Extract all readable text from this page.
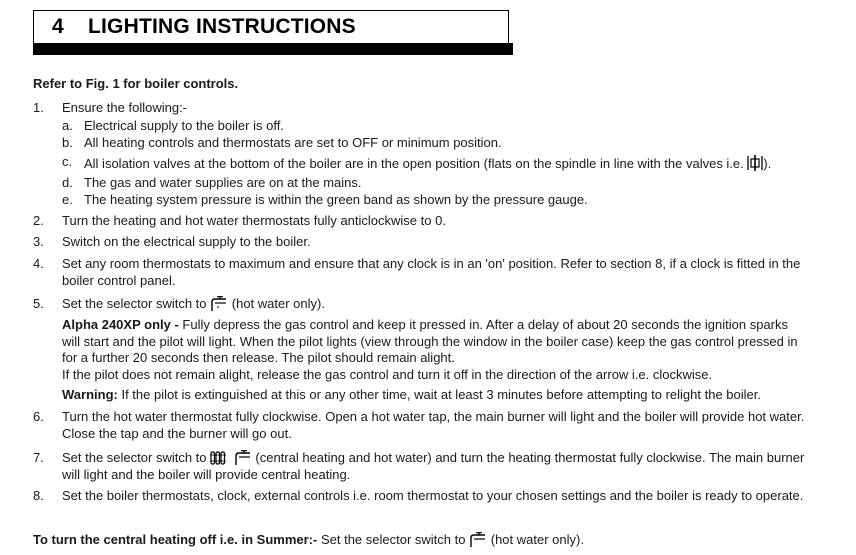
4 LIGHTING INSTRUCTIONS
Refer to Fig. 1 for boiler controls.
1. Ensure the following:-
a. Electrical supply to the boiler is off.
b. All heating controls and thermostats are set to OFF or minimum position.
c. All isolation valves at the bottom of the boiler are in the open position (flats on the spindle in line with the valves i.e. ).
d. The gas and water supplies are on at the mains.
e. The heating system pressure is within the green band as shown by the pressure gauge.
2. Turn the heating and hot water thermostats fully anticlockwise to 0.
3. Switch on the electrical supply to the boiler.
4. Set any room thermostats to maximum and ensure that any clock is in an 'on' position. Refer to section 8, if a clock is fitted in the boiler control panel.
5. Set the selector switch to (hot water only).
Alpha 240XP only - Fully depress the gas control and keep it pressed in. After a delay of about 20 seconds the ignition sparks will start and the pilot will light. When the pilot lights (view through the window in the boiler case) keep the gas control pressed in for a further 20 seconds then release. The pilot should remain alight.
If the pilot does not remain alight, release the gas control and turn it off in the direction of the arrow i.e. clockwise.
Warning: If the pilot is extinguished at this or any other time, wait at least 3 minutes before attempting to relight the boiler.
6. Turn the hot water thermostat fully clockwise. Open a hot water tap, the main burner will light and the boiler will provide hot water. Close the tap and the burner will go out.
7. Set the selector switch to	(central heating and hot water) and turn the heating thermostat fully clockwise. The main burner will light and the boiler will provide central heating.
8. Set the boiler thermostats, clock, external controls i.e. room thermostat to your chosen settings and the boiler is ready to operate.
To turn the central heating off i.e. in Summer:- Set the selector switch to (hot water only).
